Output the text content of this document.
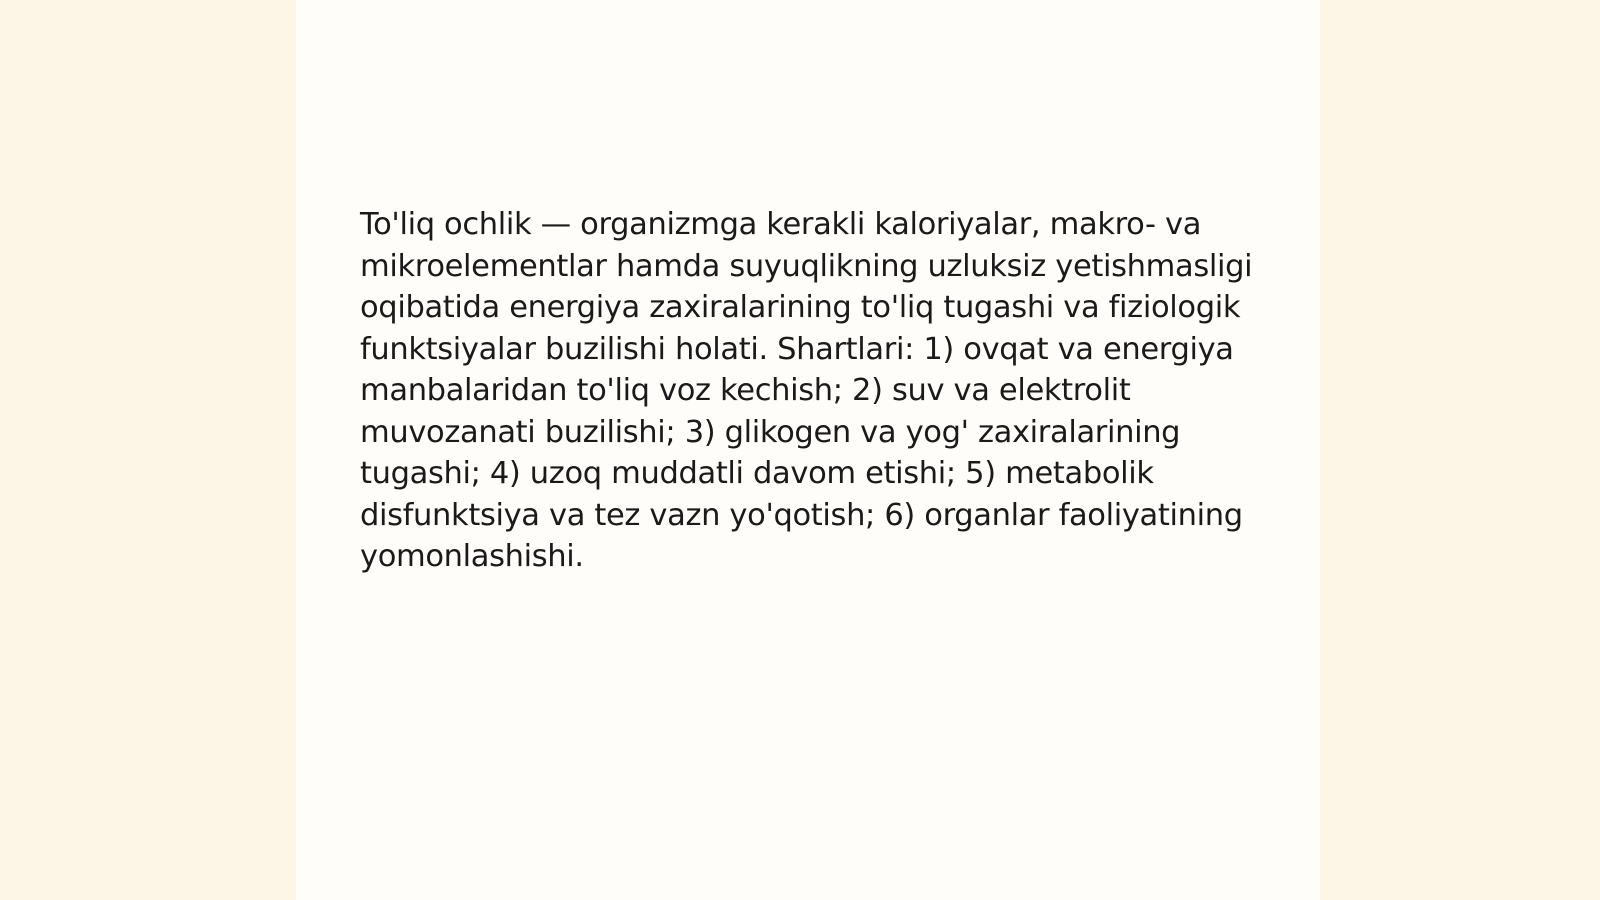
To'liq ochlik — organizmga kerakli kaloriyalar, makro- va mikroelementlar hamda suyuqlikning uzluksiz yetishmasligi oqibatida energiya zaxiralarining to'liq tugashi va fiziologik funktsiyalar buzilishi holati. Shartlari: 1) ovqat va energiya manbalaridan to'liq voz kechish; 2) suv va elektrolit muvozanati buzilishi; 3) glikogen va yog' zaxiralarining tugashi; 4) uzoq muddatli davom etishi; 5) metabolik disfunktsiya va tez vazn yo'qotish; 6) organlar faoliyatining yomonlashishi.
